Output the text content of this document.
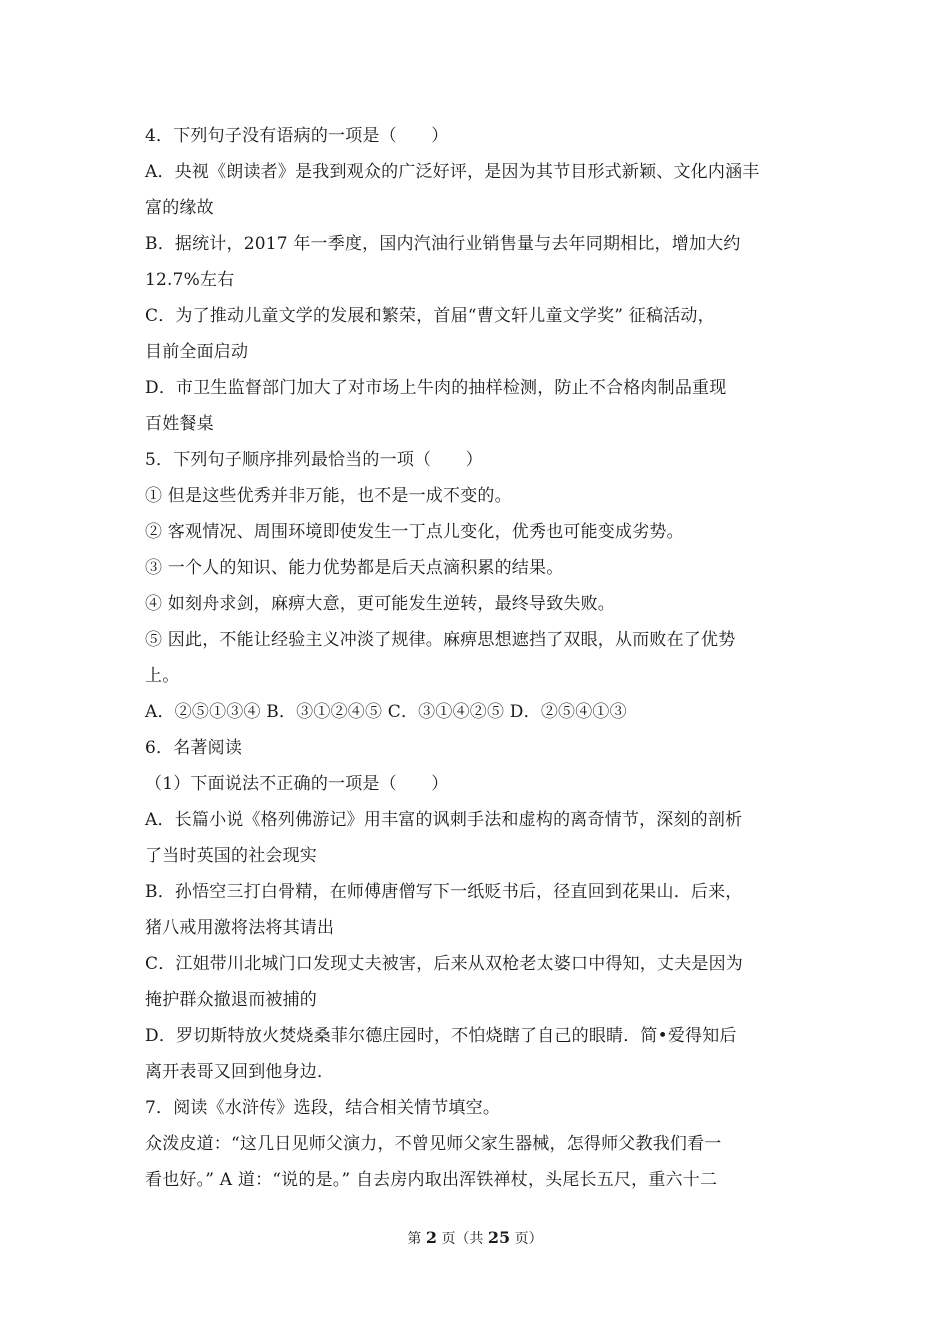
4．下列句子没有语病的一项是（　　）
A．央视《朗读者》是我到观众的广泛好评，是因为其节目形式新颖、文化内涵丰
富的缘故
B．据统计，2017 年一季度，国内汽油行业销售量与去年同期相比，增加大约
12.7%左右
C．为了推动儿童文学的发展和繁荣，首届“曹文轩儿童文学奖” 征稿活动，
目前全面启动
D．市卫生监督部门加大了对市场上牛肉的抽样检测，防止不合格肉制品重现
百姓餐桌
5．下列句子顺序排列最恰当的一项（　　）
① 但是这些优秀并非万能，也不是一成不变的。
② 客观情况、周围环境即使发生一丁点儿变化，优秀也可能变成劣势。
③ 一个人的知识、能力优势都是后天点滴积累的结果。
④ 如刻舟求剑，麻痹大意，更可能发生逆转，最终导致失败。
⑤ 因此，不能让经验主义冲淡了规律。麻痹思想遮挡了双眼，从而败在了优势
上。
A．②⑤①③④ B．③①②④⑤ C．③①④②⑤ D．②⑤④①③
6．名著阅读
（1）下面说法不正确的一项是（　　）
A．长篇小说《格列佛游记》用丰富的讽刺手法和虚构的离奇情节，深刻的剖析
了当时英国的社会现实
B．孙悟空三打白骨精，在师傅唐僧写下一纸贬书后，径直回到花果山．后来，
猪八戒用激将法将其请出
C．江姐带川北城门口发现丈夫被害，后来从双枪老太婆口中得知，丈夫是因为
掩护群众撤退而被捕的
D．罗切斯特放火焚烧桑菲尔德庄园时，不怕烧瞎了自己的眼睛．简•爱得知后
离开表哥又回到他身边．
7．阅读《水浒传》选段，结合相关情节填空。
众泼皮道：“这几日见师父演力，不曾见师父家生器械，怎得师父教我们看一
看也好。” A 道：“说的是。” 自去房内取出浑铁禅杖，头尾长五尺，重六十二
第 2 页（共 25 页）
